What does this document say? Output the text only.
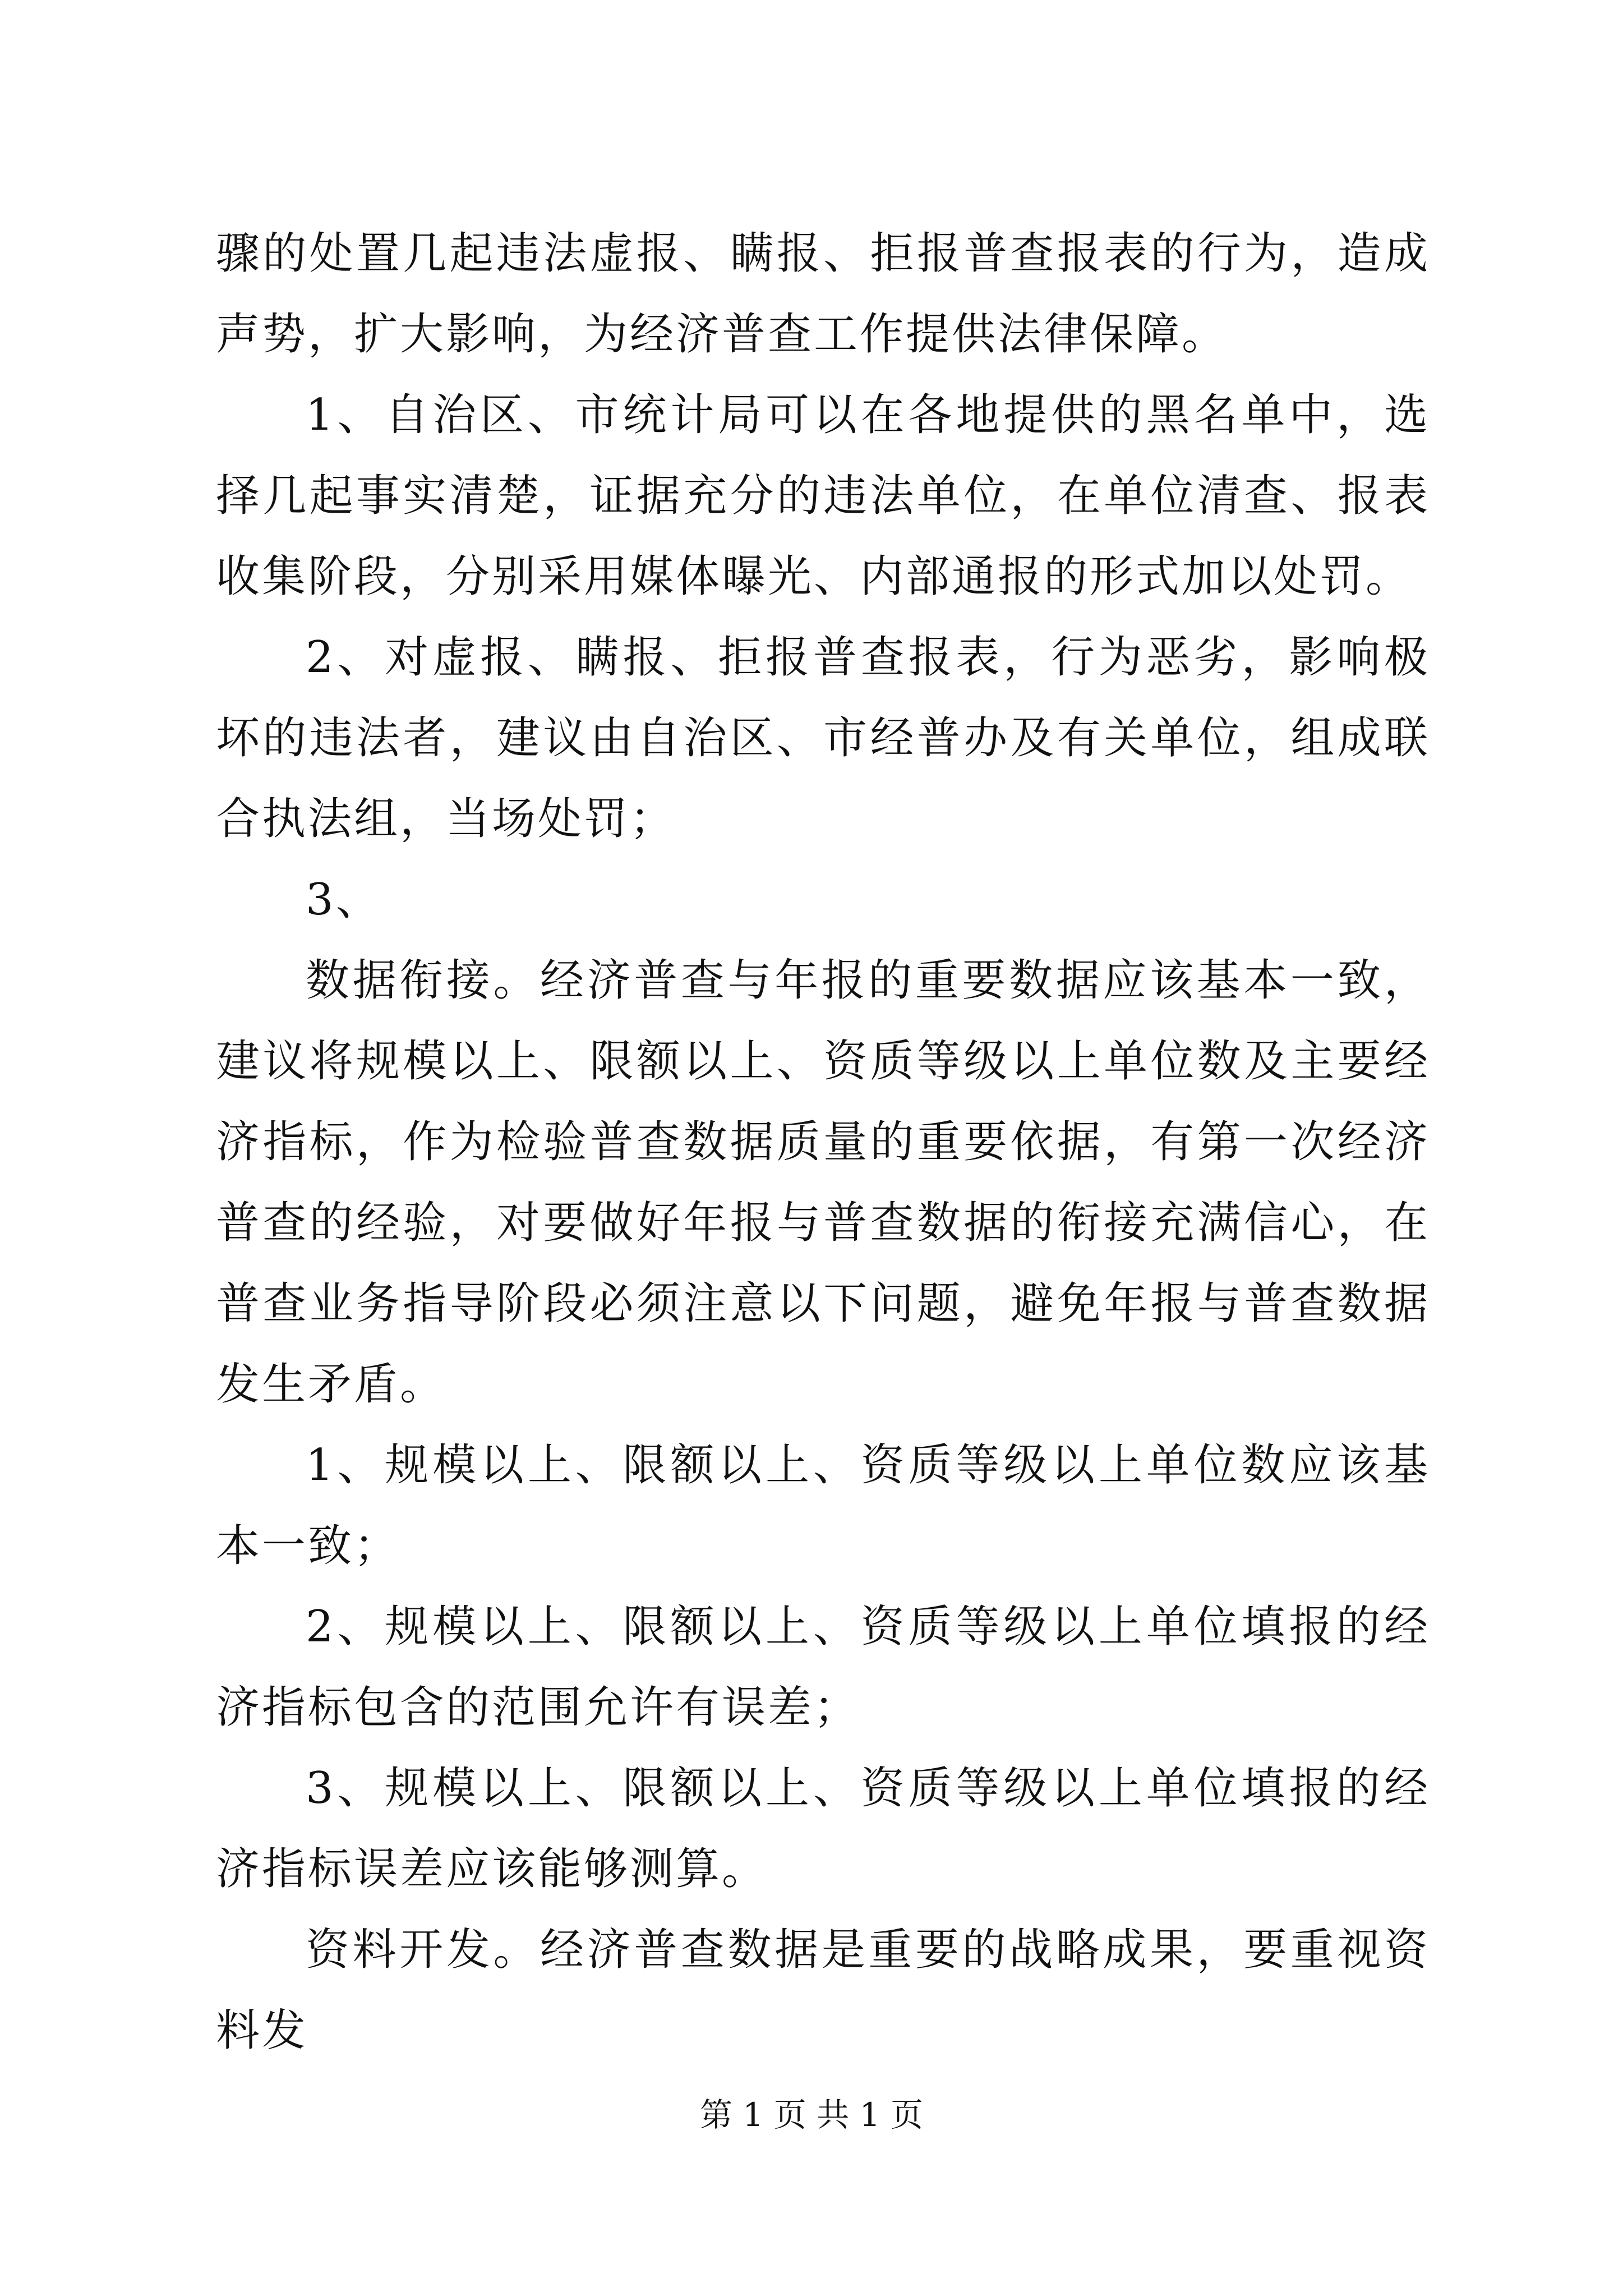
骤的处置几起违法虚报、瞒报、拒报普查报表的行为，造成声势，扩大影响，为经济普查工作提供法律保障。

1、自治区、市统计局可以在各地提供的黑名单中，选择几起事实清楚，证据充分的违法单位，在单位清查、报表收集阶段，分别采用媒体曝光、内部通报的形式加以处罚。

2、对虚报、瞒报、拒报普查报表，行为恶劣，影响极坏的违法者，建议由自治区、市经普办及有关单位，组成联合执法组，当场处罚；

3、

数据衔接。经济普查与年报的重要数据应该基本一致，建议将规模以上、限额以上、资质等级以上单位数及主要经济指标，作为检验普查数据质量的重要依据，有第一次经济普查的经验，对要做好年报与普查数据的衔接充满信心，在普查业务指导阶段必须注意以下问题，避免年报与普查数据发生矛盾。

1、规模以上、限额以上、资质等级以上单位数应该基本一致；

2、规模以上、限额以上、资质等级以上单位填报的经济指标包含的范围允许有误差；

3、规模以上、限额以上、资质等级以上单位填报的经济指标误差应该能够测算。

资料开发。经济普查数据是重要的战略成果，要重视资料发

第 1 页 共 1 页
